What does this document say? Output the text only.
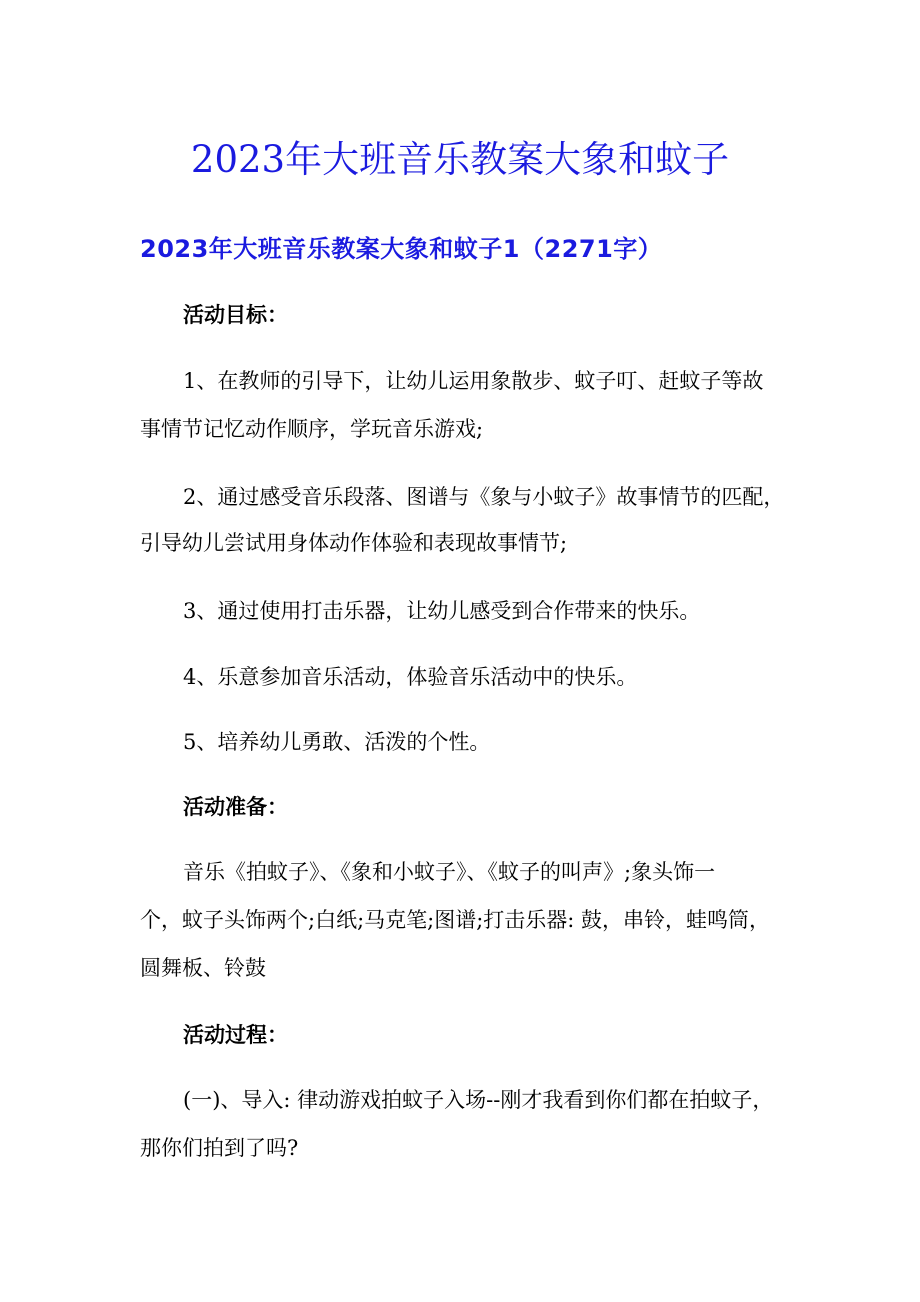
2023年大班音乐教案大象和蚊子
2023年大班音乐教案大象和蚊子1（2271字）

活动目标：

1、在教师的引导下，让幼儿运用象散步、蚊子叮、赶蚊子等故

事情节记忆动作顺序，学玩音乐游戏;

2、通过感受音乐段落、图谱与《象与小蚊子》故事情节的匹配，

引导幼儿尝试用身体动作体验和表现故事情节;

3、通过使用打击乐器，让幼儿感受到合作带来的快乐。

4、乐意参加音乐活动，体验音乐活动中的快乐。

5、培养幼儿勇敢、活泼的个性。

活动准备：

音乐《拍蚊子》、《象和小蚊子》、《蚊子的叫声》;象头饰一

个，蚊子头饰两个;白纸;马克笔;图谱;打击乐器: 鼓，串铃，蛙鸣筒，

圆舞板、铃鼓

活动过程：

(一)、导入: 律动游戏拍蚊子入场--刚才我看到你们都在拍蚊子，

那你们拍到了吗?
